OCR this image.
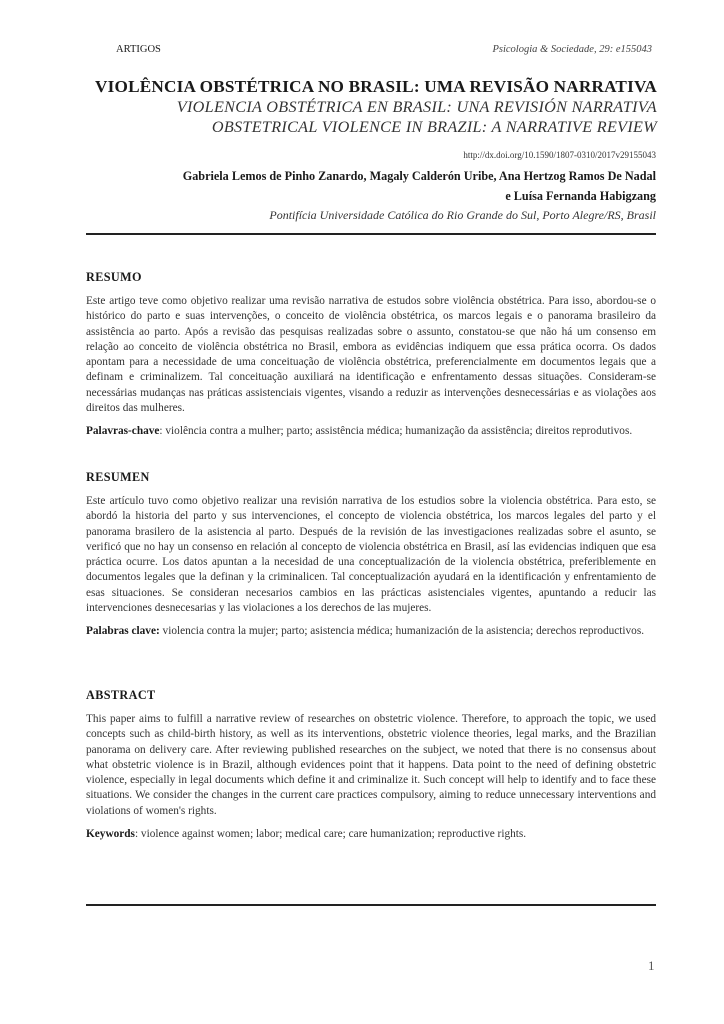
ARTIGOS	Psicologia & Sociedade, 29: e155043
VIOLÊNCIA OBSTÉTRICA NO BRASIL: UMA REVISÃO NARRATIVA
VIOLENCIA OBSTÉTRICA EN BRASIL: UNA REVISIÓN NARRATIVA
OBSTETRICAL VIOLENCE IN BRAZIL: A NARRATIVE REVIEW
http://dx.doi.org/10.1590/1807-0310/2017v29155043
Gabriela Lemos de Pinho Zanardo, Magaly Calderón Uribe, Ana Hertzog Ramos De Nadal
e Luísa Fernanda Habigzang
Pontifícia Universidade Católica do Rio Grande do Sul, Porto Alegre/RS, Brasil
RESUMO

Este artigo teve como objetivo realizar uma revisão narrativa de estudos sobre violência obstétrica. Para isso, abordou-se o histórico do parto e suas intervenções, o conceito de violência obstétrica, os marcos legais e o panorama brasileiro da assistência ao parto. Após a revisão das pesquisas realizadas sobre o assunto, constatou-se que não há um consenso em relação ao conceito de violência obstétrica no Brasil, embora as evidências indiquem que essa prática ocorra. Os dados apontam para a necessidade de uma conceituação de violência obstétrica, preferencialmente em documentos legais que a definam e criminalizem. Tal conceituação auxiliará na identificação e enfrentamento dessas situações. Consideram-se necessárias mudanças nas práticas assistenciais vigentes, visando a reduzir as intervenções desnecessárias e as violações aos direitos das mulheres.

Palavras-chave: violência contra a mulher; parto; assistência médica; humanização da assistência; direitos reprodutivos.

RESUMEN

Este artículo tuvo como objetivo realizar una revisión narrativa de los estudios sobre la violencia obstétrica. Para esto, se abordó la historia del parto y sus intervenciones, el concepto de violencia obstétrica, los marcos legales del parto y el panorama brasilero de la asistencia al parto. Después de la revisión de las investigaciones realizadas sobre el asunto, se verificó que no hay un consenso en relación al concepto de violencia obstétrica en Brasil, así las evidencias indiquen que esa práctica ocurre. Los datos apuntan a la necesidad de una conceptualización de la violencia obstétrica, preferiblemente en documentos legales que la definan y la criminalicen. Tal conceptualización ayudará en la identificación y enfrentamiento de esas situaciones. Se consideran necesarios cambios en las prácticas asistenciales vigentes, apuntando a reducir las intervenciones desnecesarias y las violaciones a los derechos de las mujeres.

Palabras clave: violencia contra la mujer; parto; asistencia médica; humanización de la asistencia; derechos reproductivos.

ABSTRACT

This paper aims to fulfill a narrative review of researches on obstetric violence. Therefore, to approach the topic, we used concepts such as child-birth history, as well as its interventions, obstetric violence theories, legal marks, and the Brazilian panorama on delivery care. After reviewing published researches on the subject, we noted that there is no consensus about what obstetric violence is in Brazil, although evidences point that it happens. Data point to the need of defining obstetric violence, especially in legal documents which define it and criminalize it. Such concept will help to identify and to face these situations. We consider the changes in the current care practices compulsory, aiming to reduce unnecessary interventions and violations of women's rights.

Keywords: violence against women; labor; medical care; care humanization; reproductive rights.

1
